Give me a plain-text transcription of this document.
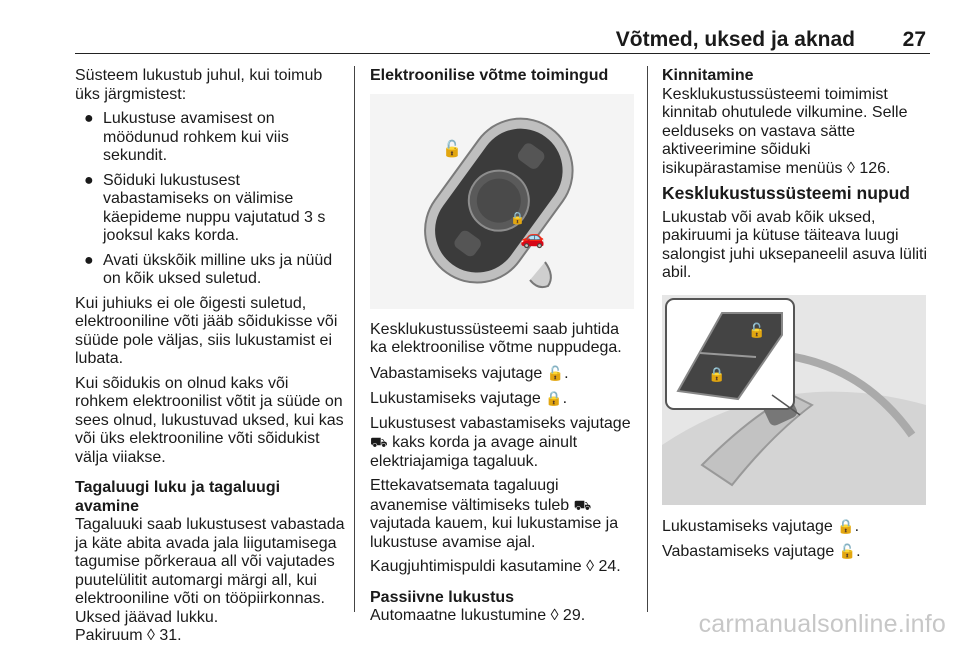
Võtmed, uksed ja aknad 27

Süsteem lukustub juhul, kui toimub üks järgmistest:

● Lukustuse avamisest on möödunud rohkem kui viis sekundit.
● Sõiduki lukustusest vabastamiseks on välimise käepideme nuppu vajutatud 3 s jooksul kaks korda.
● Avati ükskõik milline uks ja nüüd on kõik uksed suletud.

Kui juhiuks ei ole õigesti suletud, elektrooniline võti jääb sõidukisse või süüde pole väljas, siis lukustamist ei lubata.

Kui sõidukis on olnud kaks või rohkem elektroonilist võtit ja süüde on sees olnud, lukustuvad uksed, kui kas või üks elektrooniline võti sõidukist välja viiakse.

Tagaluugi luku ja tagaluugi avamine

Tagaluuki saab lukustusest vabastada ja käte abita avada jala liigutamisega tagumise põrkeraua all või vajutades puutelülitit automargi märgi all, kui elektrooniline võti on tööpiirkonnas. Uksed jäävad lukku.
Pakiruum ◊ 31.

Elektroonilise võtme toimingud

🔓
🔒
🚗

Kesklukustussüsteemi saab juhtida ka elektroonilise võtme nuppudega.

Vabastamiseks vajutage 🔓.

Lukustamiseks vajutage 🔒.

Lukustusest vabastamiseks vajutage ⛟ kaks korda ja avage ainult elektriajamiga tagaluuk.

Ettekavatsemata tagaluugi avanemise vältimiseks tuleb ⛟ vajutada kauem, kui lukustamise ja lukustuse avamise ajal.

Kaugjuhtimispuldi kasutamine ◊ 24.

Passiivne lukustus

Automaatne lukustumine ◊ 29.

Kinnitamine

Kesklukustussüsteemi toimimist kinnitab ohutulede vilkumine. Selle eelduseks on vastava sätte aktiveerimine sõiduki isikupärastamise menüüs ◊ 126.

Kesklukustussüsteemi nupud

Lukustab või avab kõik uksed, pakiruumi ja kütuse täiteava luugi salongist juhi uksepaneelil asuva lüliti abil.

🔓
🔒

Lukustamiseks vajutage 🔒.

Vabastamiseks vajutage 🔓.

carmanualsonline.info
